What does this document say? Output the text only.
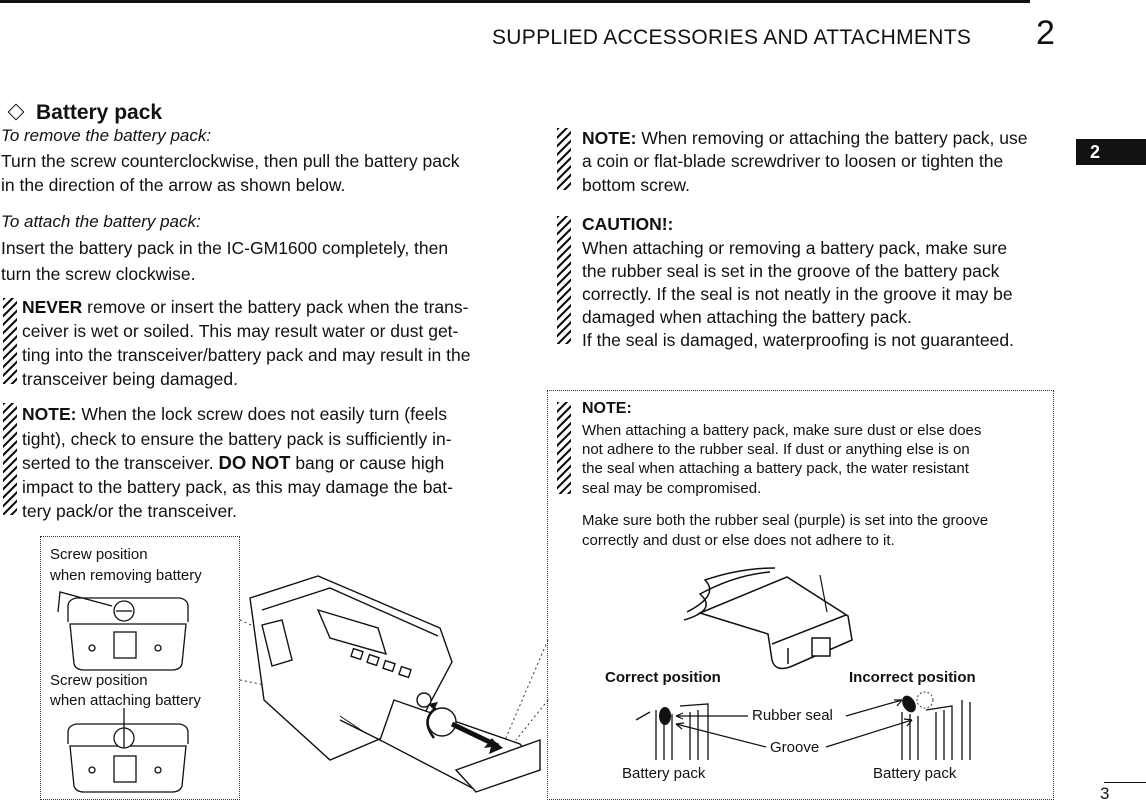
SUPPLIED ACCESSORIES AND ATTACHMENTS 2
2
3
Battery pack
To remove the battery pack:
Turn the screw counterclockwise, then pull the battery pack
in the direction of the arrow as shown below.
To attach the battery pack:
Insert the battery pack in the IC-GM1600 completely, then
turn the screw clockwise.
NEVER remove or insert the battery pack when the trans-
ceiver is wet or soiled. This may result water or dust get-
ting into the transceiver/battery pack and may result in the
transceiver being damaged.
NOTE: When the lock screw does not easily turn (feels
tight), check to ensure the battery pack is sufficiently in-
serted to the transceiver. DO NOT bang or cause high
impact to the battery pack, as this may damage the bat-
tery pack/or the transceiver.
NOTE: When removing or attaching the battery pack, use
a coin or flat-blade screwdriver to loosen or tighten the
bottom screw.
CAUTION!:
When attaching or removing a battery pack, make sure
the rubber seal is set in the groove of the battery pack
correctly. If the seal is not neatly in the groove it may be
damaged when attaching the battery pack.
If the seal is damaged, waterproofing is not guaranteed.
NOTE:
When attaching a battery pack, make sure dust or else does
not adhere to the rubber seal. If dust or anything else is on
the seal when attaching a battery pack, the water resistant
seal may be compromised.
Make sure both the rubber seal (purple) is set into the groove
correctly and dust or else does not adhere to it.
Correct position	Incorrect position
Rubber seal
Groove
Battery pack	Battery pack
Screw position
when removing battery
Screw position
when attaching battery
